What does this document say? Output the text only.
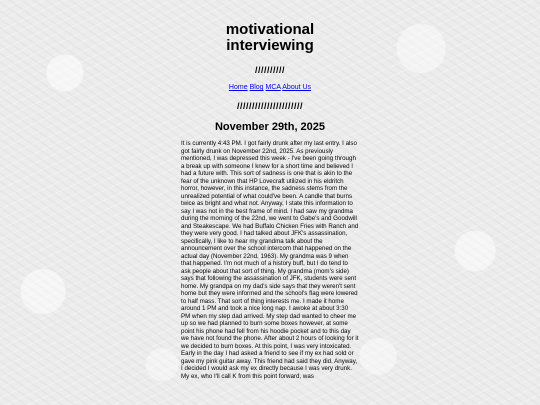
motivational
interviewing
//////////
Home Blog MCA About Us
//////////////////////
November 29th, 2025

It is currently 4:43 PM. I got fairly drunk after my last entry. I also got fairly drunk on November 22nd, 2025. As previously mentioned, I was depressed this week - I've been going through a break up with someone I knew for a short time and believed I had a future with. This sort of sadness is one that is akin to the fear of the unknown that HP Lovecraft utilized in his eldritch horror, however, in this instance, the sadness stems from the unrealized potential of what could've been. A candle that burns twice as bright and what not. Anyway, I state this information to say I was not in the best frame of mind. I had saw my grandma during the morning of the 22nd, we went to Gabe's and Goodwill and Steakescape. We had Buffalo Chicken Fries with Ranch and they were very good. I had talked about JFK's assassination, specifically, I like to hear my grandma talk about the announcement over the school intercom that happened on the actual day (November 22nd, 1963). My grandma was 9 when that happened. I'm not much of a history buff, but I do tend to ask people about that sort of thing. My grandma (mom's side) says that following the assassination of JFK, students were sent home. My grandpa on my dad's side says that they weren't sent home but they were informed and the school's flag were lowered to half mass. That sort of thing interests me. I made it home around 1 PM and took a nice long nap. I awoke at about 3:30 PM when my step dad arrived. My step dad wanted to cheer me up so we had planned to burn some boxes however, at some point his phone had fell from his hoodie pocket and to this day we have not found the phone. After about 2 hours of looking for it we decided to burn boxes. At this point, I was very intoxicated. Early in the day I had asked a friend to see if my ex had sold or gave my pink guitar away. This friend had said they did. Anyway, I decided I would ask my ex directly because I was very drunk. My ex, who I'll call K from this point forward, was
